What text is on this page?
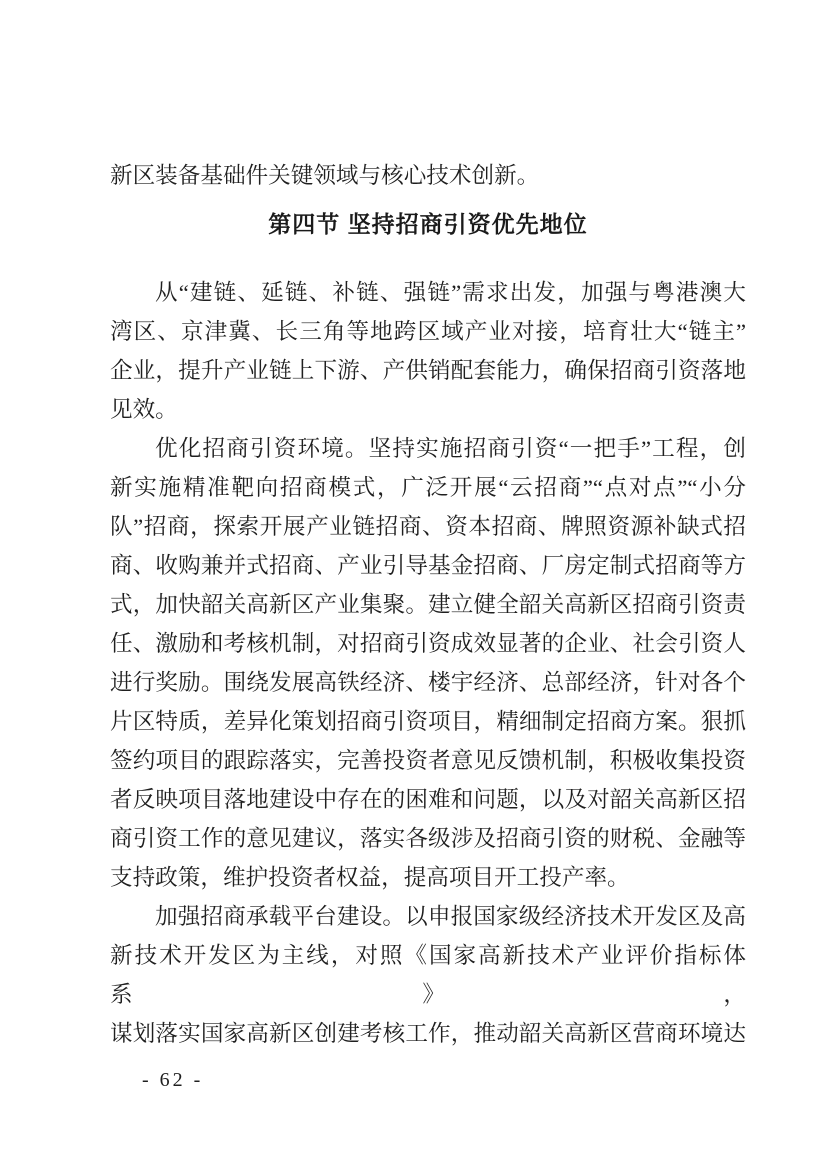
新区装备基础件关键领域与核心技术创新。
第四节 坚持招商引资优先地位
从“建链、延链、补链、强链”需求出发，加强与粤港澳大
湾区、京津冀、长三角等地跨区域产业对接，培育壮大“链主”
企业，提升产业链上下游、产供销配套能力，确保招商引资落地
见效。
优化招商引资环境。坚持实施招商引资“一把手”工程，创
新实施精准靶向招商模式，广泛开展“云招商”“点对点”“小分
队”招商，探索开展产业链招商、资本招商、牌照资源补缺式招
商、收购兼并式招商、产业引导基金招商、厂房定制式招商等方
式，加快韶关高新区产业集聚。建立健全韶关高新区招商引资责
任、激励和考核机制，对招商引资成效显著的企业、社会引资人
进行奖励。围绕发展高铁经济、楼宇经济、总部经济，针对各个
片区特质，差异化策划招商引资项目，精细制定招商方案。狠抓
签约项目的跟踪落实，完善投资者意见反馈机制，积极收集投资
者反映项目落地建设中存在的困难和问题，以及对韶关高新区招
商引资工作的意见建议，落实各级涉及招商引资的财税、金融等
支持政策，维护投资者权益，提高项目开工投产率。
加强招商承载平台建设。以申报国家级经济技术开发区及高
新技术开发区为主线，对照《国家高新技术产业评价指标体系》，
谋划落实国家高新区创建考核工作，推动韶关高新区营商环境达
- 62 -
